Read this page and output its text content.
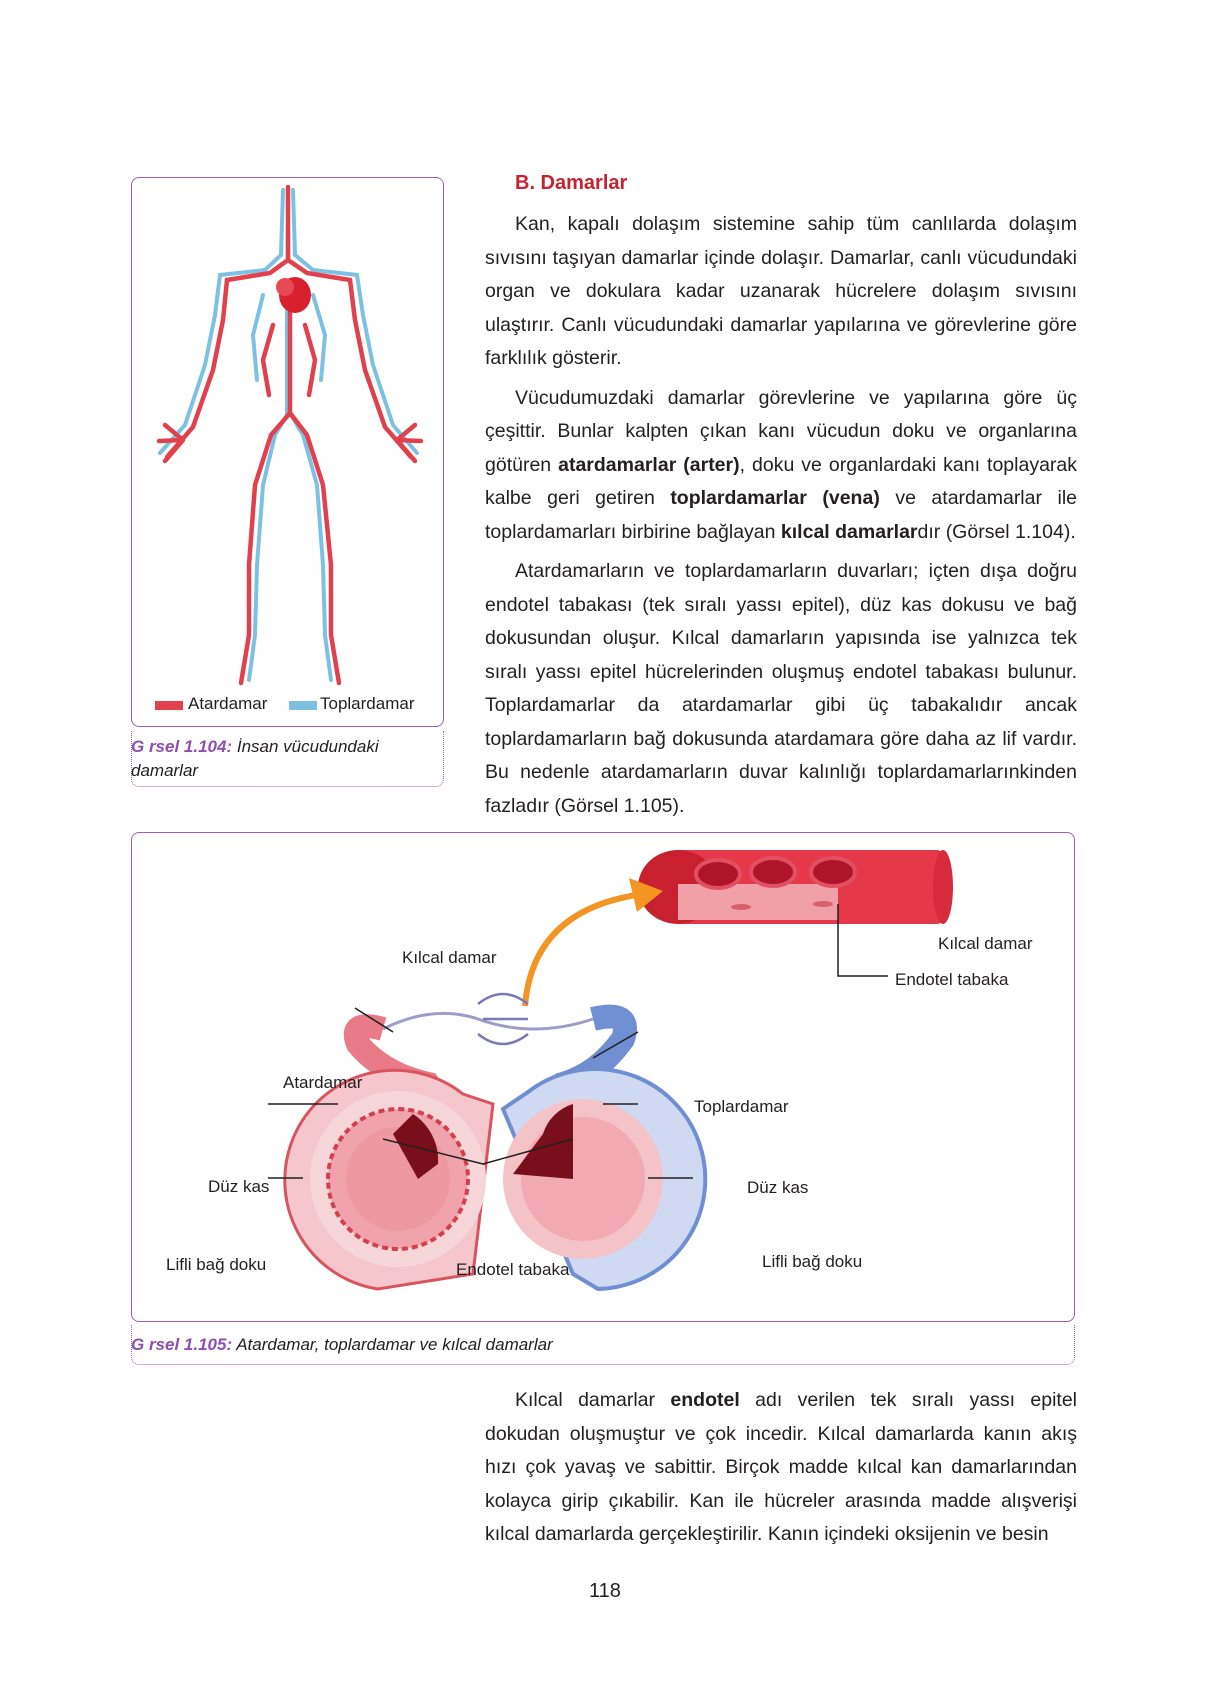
Atardamar	Toplardamar
G rsel 1.104: İnsan vücudundaki damarlar
B. Damarlar

Kan, kapalı dolaşım sistemine sahip tüm canlılarda dolaşım sıvısını taşıyan damarlar içinde dolaşır. Damarlar, canlı vücudundaki organ ve dokulara kadar uzanarak hücrelere dolaşım sıvısını ulaştırır. Canlı vücudundaki damarlar yapılarına ve görevlerine göre farklılık gösterir.

Vücudumuzdaki damarlar görevlerine ve yapılarına göre üç çeşittir. Bunlar kalpten çıkan kanı vücudun doku ve organlarına götüren atardamarlar (arter), doku ve organlardaki kanı toplayarak kalbe geri getiren toplardamarlar (vena) ve atardamarlar ile toplardamarları birbirine bağlayan kılcal damarlardır (Görsel 1.104).

Atardamarların ve toplardamarların duvarları; içten dışa doğru endotel tabakası (tek sıralı yassı epitel), düz kas dokusu ve bağ dokusundan oluşur. Kılcal damarların yapısında ise yalnızca tek sıralı yassı epitel hücrelerinden oluşmuş endotel tabakası bulunur. Toplardamarlar da atardamarlar gibi üç tabakalıdır ancak toplardamarların bağ dokusunda atardamara göre daha az lif vardır. Bu nedenle atardamarların duvar kalınlığı toplardamarlarınkinden fazladır (Görsel 1.105).

Kılcal damar
Kılcal damar
Endotel tabaka
Atardamar
Toplardamar
Düz kas	Düz kas
Lifli bağ doku	Lifli bağ doku
Endotel tabaka
G rsel 1.105: Atardamar, toplardamar ve kılcal damarlar

Kılcal damarlar endotel adı verilen tek sıralı yassı epitel dokudan oluşmuştur ve çok incedir. Kılcal damarlarda kanın akış hızı çok yavaş ve sabittir. Birçok madde kılcal kan damarlarından kolayca girip çıkabilir. Kan ile hücreler arasında madde alışverişi kılcal damarlarda gerçekleştirilir. Kanın içindeki oksijenin ve besin

118
